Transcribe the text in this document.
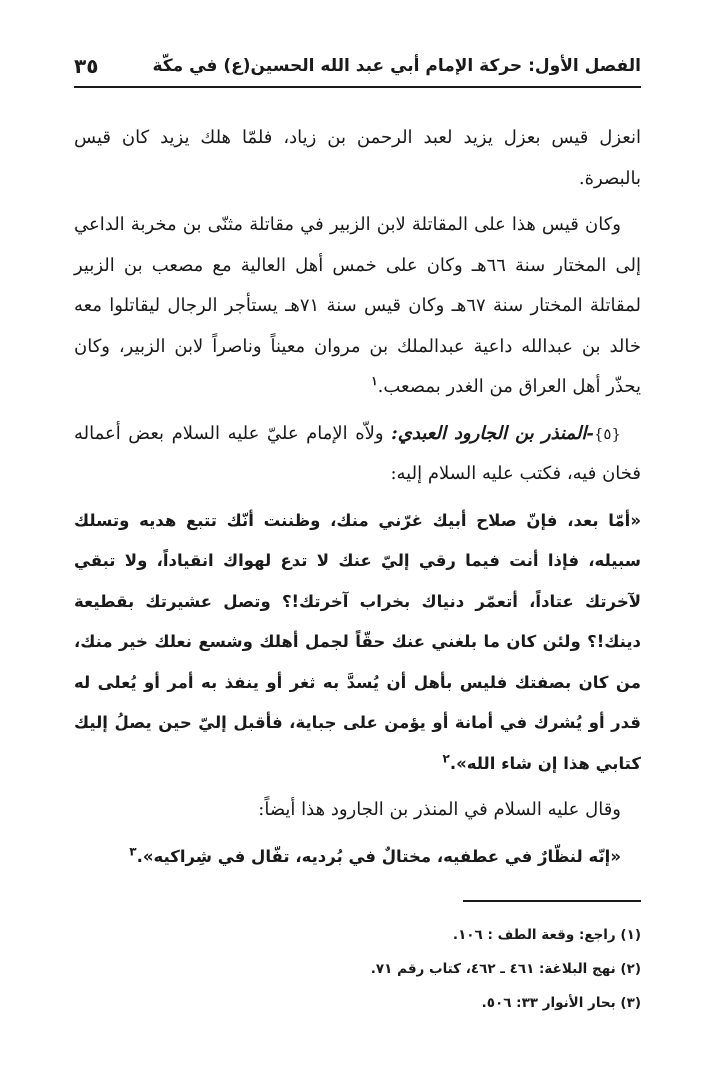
الفصل الأول: حركة الإمام أبي عبد الله الحسين(ع) في مكّة
٣٥

انعزل قيس بعزل يزيد لعبد الرحمن بن زياد، فلمّا هلك يزيد كان قيس بالبصرة.

وكان قيس هذا على المقاتلة لابن الزبير في مقاتلة مثنّى بن مخربة الداعي إلى المختار سنة ٦٦هـ وكان على خمس أهل العالية مع مصعب بن الزبير لمقاتلة المختار سنة ٦٧هـ وكان قيس سنة ٧١هـ يستأجر الرجال ليقاتلوا معه خالد بن عبدالله داعية عبدالملك بن مروان معيناً وناصراً لابن الزبير، وكان يحذّر أهل العراق من الغدر بمصعب.$^١$

{٥}-المنذر بن الجارود العبدي: ولاّه الإمام عليّ عليه السلام بعض أعماله فخان فيه، فكتب عليه السلام إليه:

«أمّا بعد، فإنّ صلاح أبيك غرّني منك، وظننت أنّك تتبع هديه وتسلك سبيله، فإذا أنت فيما رقي إليّ عنك لا تدع لهواك انقياداً، ولا تبقي لآخرتك عتاداً، أتعمّر دنياك بخراب آخرتك!؟ وتصل عشيرتك بقطيعة دينك!؟ ولئن كان ما بلغني عنك حقّاً لجمل أهلك وشسع نعلك خير منك، من كان بصفتك فليس بأهل أن يُسدَّ به ثغر أو ينفذ به أمر أو يُعلى له قدر أو يُشرك في أمانة أو يؤمن على جباية، فأقبل إليّ حين يصلُ إليك كتابي هذا إن شاء الله».$^٢$

وقال عليه السلام في المنذر بن الجارود هذا أيضاً:

«إنّه لنظّارٌ في عطفيه، مختالٌ في بُرديه، تفّال في شِراكيه».$^٣$

(١) راجع: وقعة الطف : ١٠٦.
(٢) نهج البلاغة: ٤٦١ ـ ٤٦٢، كتاب رقم ٧١.
(٣) بحار الأنوار ٣٣: ٥٠٦.
